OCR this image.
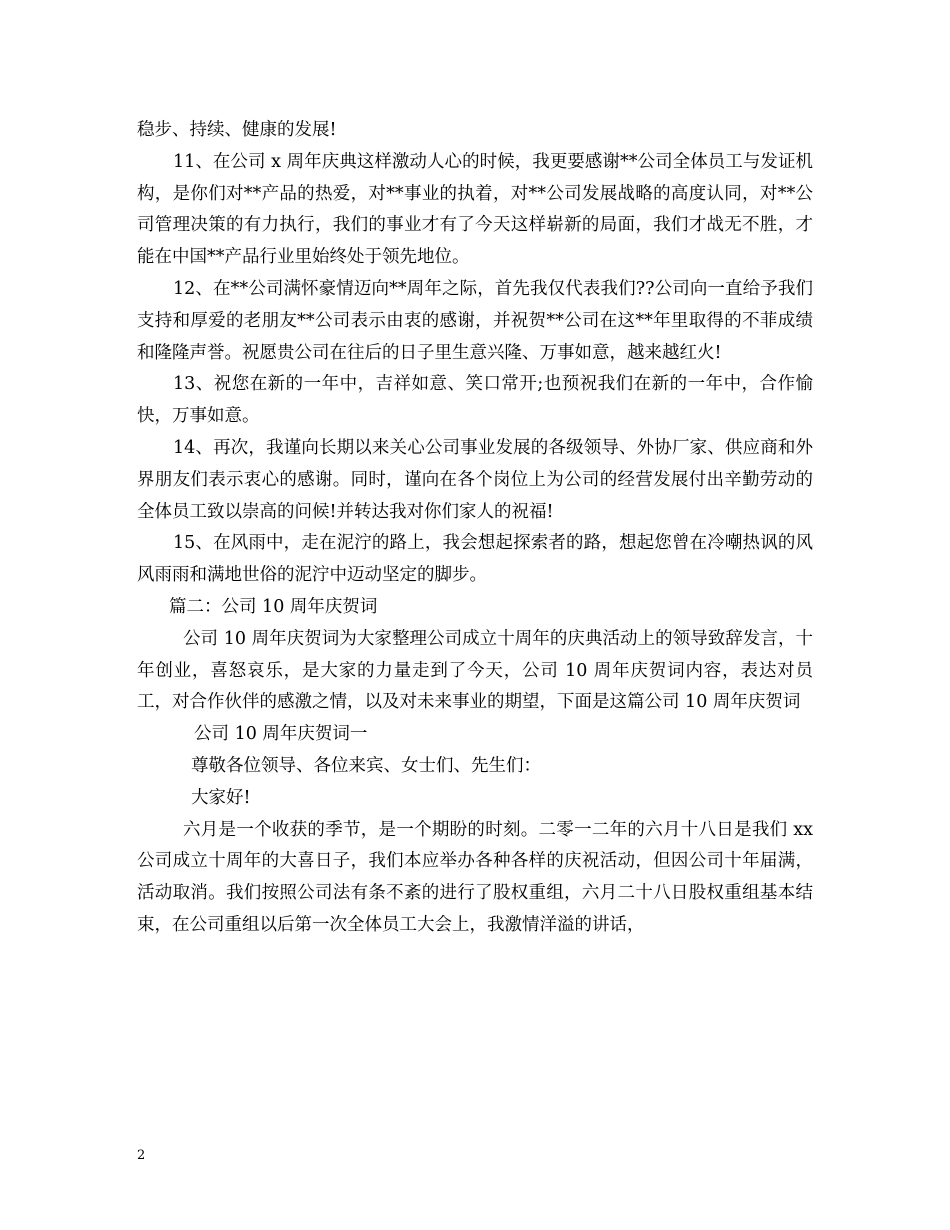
稳步、持续、健康的发展!

11、在公司 x 周年庆典这样激动人心的时候，我更要感谢**公司全体员工与发证机构，是你们对**产品的热爱，对**事业的执着，对**公司发展战略的高度认同，对**公司管理决策的有力执行，我们的事业才有了今天这样崭新的局面，我们才战无不胜，才能在中国**产品行业里始终处于领先地位。

12、在**公司满怀豪情迈向**周年之际，首先我仅代表我们??公司向一直给予我们支持和厚爱的老朋友**公司表示由衷的感谢，并祝贺**公司在这**年里取得的不菲成绩和隆隆声誉。祝愿贵公司在往后的日子里生意兴隆、万事如意，越来越红火!

13、祝您在新的一年中，吉祥如意、笑口常开;也预祝我们在新的一年中，合作愉快，万事如意。

14、再次，我谨向长期以来关心公司事业发展的各级领导、外协厂家、供应商和外界朋友们表示衷心的感谢。同时，谨向在各个岗位上为公司的经营发展付出辛勤劳动的全体员工致以崇高的问候!并转达我对你们家人的祝福!

15、在风雨中，走在泥泞的路上，我会想起探索者的路，想起您曾在冷嘲热讽的风风雨雨和满地世俗的泥泞中迈动坚定的脚步。

篇二：公司 10 周年庆贺词

公司 10 周年庆贺词为大家整理公司成立十周年的庆典活动上的领导致辞发言，十年创业，喜怒哀乐，是大家的力量走到了今天，公司 10 周年庆贺词内容，表达对员工，对合作伙伴的感激之情，以及对未来事业的期望，下面是这篇公司 10 周年庆贺词

公司 10 周年庆贺词一

尊敬各位领导、各位来宾、女士们、先生们：

大家好!

六月是一个收获的季节，是一个期盼的时刻。二零一二年的六月十八日是我们 xx 公司成立十周年的大喜日子，我们本应举办各种各样的庆祝活动，但因公司十年届满，活动取消。我们按照公司法有条不紊的进行了股权重组，六月二十八日股权重组基本结束，在公司重组以后第一次全体员工大会上，我激情洋溢的讲话，

2
